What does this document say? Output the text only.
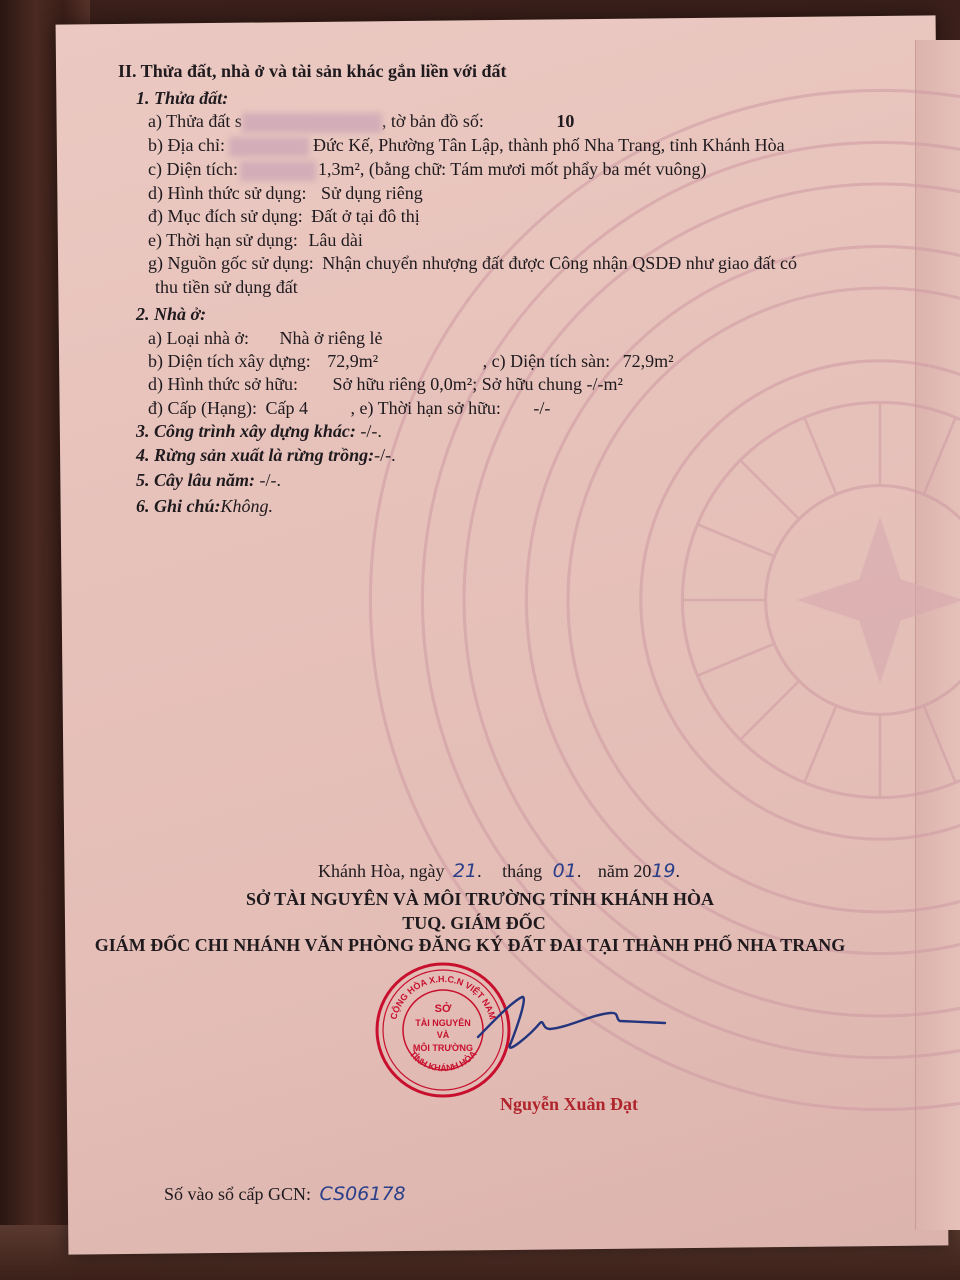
II. Thửa đất, nhà ở và tài sản khác gắn liền với đất
1. Thửa đất:
a) Thửa đất s	, tờ bản đồ số:	10
b) Địa chỉ:	Đức Kế, Phường Tân Lập, thành phố Nha Trang, tỉnh Khánh Hòa
c) Diện tích:	1,3m², (bằng chữ: Tám mươi mốt phẩy ba mét vuông)
d) Hình thức sử dụng: Sử dụng riêng
đ) Mục đích sử dụng: Đất ở tại đô thị
e) Thời hạn sử dụng: Lâu dài
g) Nguồn gốc sử dụng: Nhận chuyển nhượng đất được Công nhận QSDĐ như giao đất có
thu tiền sử dụng đất
2. Nhà ở:
a) Loại nhà ở: Nhà ở riêng lẻ
b) Diện tích xây dựng: 72,9m²	, c) Diện tích sàn: 72,9m²
d) Hình thức sở hữu: Sở hữu riêng 0,0m²; Sở hữu chung -/-m²
đ) Cấp (Hạng): Cấp 4 , e) Thời hạn sở hữu: -/-
3. Công trình xây dựng khác: -/-.
4. Rừng sản xuất là rừng trồng:-/-.
5. Cây lâu năm: -/-.
6. Ghi chú:Không.
Khánh Hòa, ngày 21. tháng 01. năm 2019.
SỞ TÀI NGUYÊN VÀ MÔI TRƯỜNG TỈNH KHÁNH HÒA
TUQ. GIÁM ĐỐC
GIÁM ĐỐC CHI NHÁNH VĂN PHÒNG ĐĂNG KÝ ĐẤT ĐAI TẠI THÀNH PHỐ NHA TRANG
CỘNG HÒA X.H.C.N VIỆT NAM
TỈNH KHÁNH HÒA
SỞ
TÀI NGUYÊN
VÀ
MÔI TRƯỜNG
Nguyễn Xuân Đạt
Số vào sổ cấp GCN: CS06178
